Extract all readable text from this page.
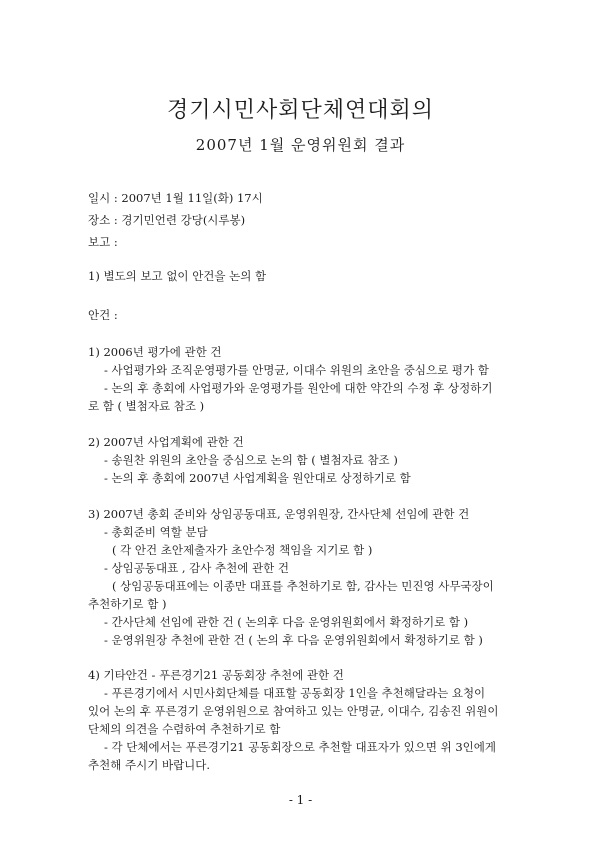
경기시민사회단체연대회의
2007년 1월 운영위원회 결과
일시 : 2007년 1월 11일(화) 17시
장소 : 경기민언련 강당(시루봉)
보고 :
1) 별도의 보고 없이 안건을 논의 함
안건 :
1) 2006년 평가에 관한 건
- 사업평가와 조직운영평가를 안명균, 이대수 위원의 초안을 중심으로 평가 함
- 논의 후 총회에 사업평가와 운영평가를 원안에 대한 약간의 수정 후 상정하기
로 함 ( 별첨자료 참조 )
2) 2007년 사업계획에 관한 건
- 송원찬 위원의 초안을 중심으로 논의 함 ( 별첨자료 참조 )
- 논의 후 총회에 2007년 사업계획을 원안대로 상정하기로 함
3) 2007년 총회 준비와 상임공동대표, 운영위원장, 간사단체 선임에 관한 건
- 총회준비 역할 분담
( 각 안건 초안제출자가 초안수정 책임을 지기로 함 )
- 상임공동대표 , 감사 추천에 관한 건
( 상임공동대표에는 이종만 대표를 추천하기로 함, 감사는 민진영 사무국장이
추천하기로 함 )
- 간사단체 선임에 관한 건 ( 논의후 다음 운영위원회에서 확정하기로 함 )
- 운영위원장 추천에 관한 건 ( 논의 후 다음 운영위원회에서 확정하기로 함 )
4) 기타안건 - 푸른경기21 공동회장 추천에 관한 건
- 푸른경기에서 시민사회단체를 대표할 공동회장 1인을 추천해달라는 요청이
있어 논의 후 푸른경기 운영위원으로 참여하고 있는 안명균, 이대수, 김송진 위원이
단체의 의견을 수렴하여 추천하기로 함
- 각 단체에서는 푸른경기21 공동회장으로 추천할 대표자가 있으면 위 3인에게
추천해 주시기 바랍니다.
- 1 -
